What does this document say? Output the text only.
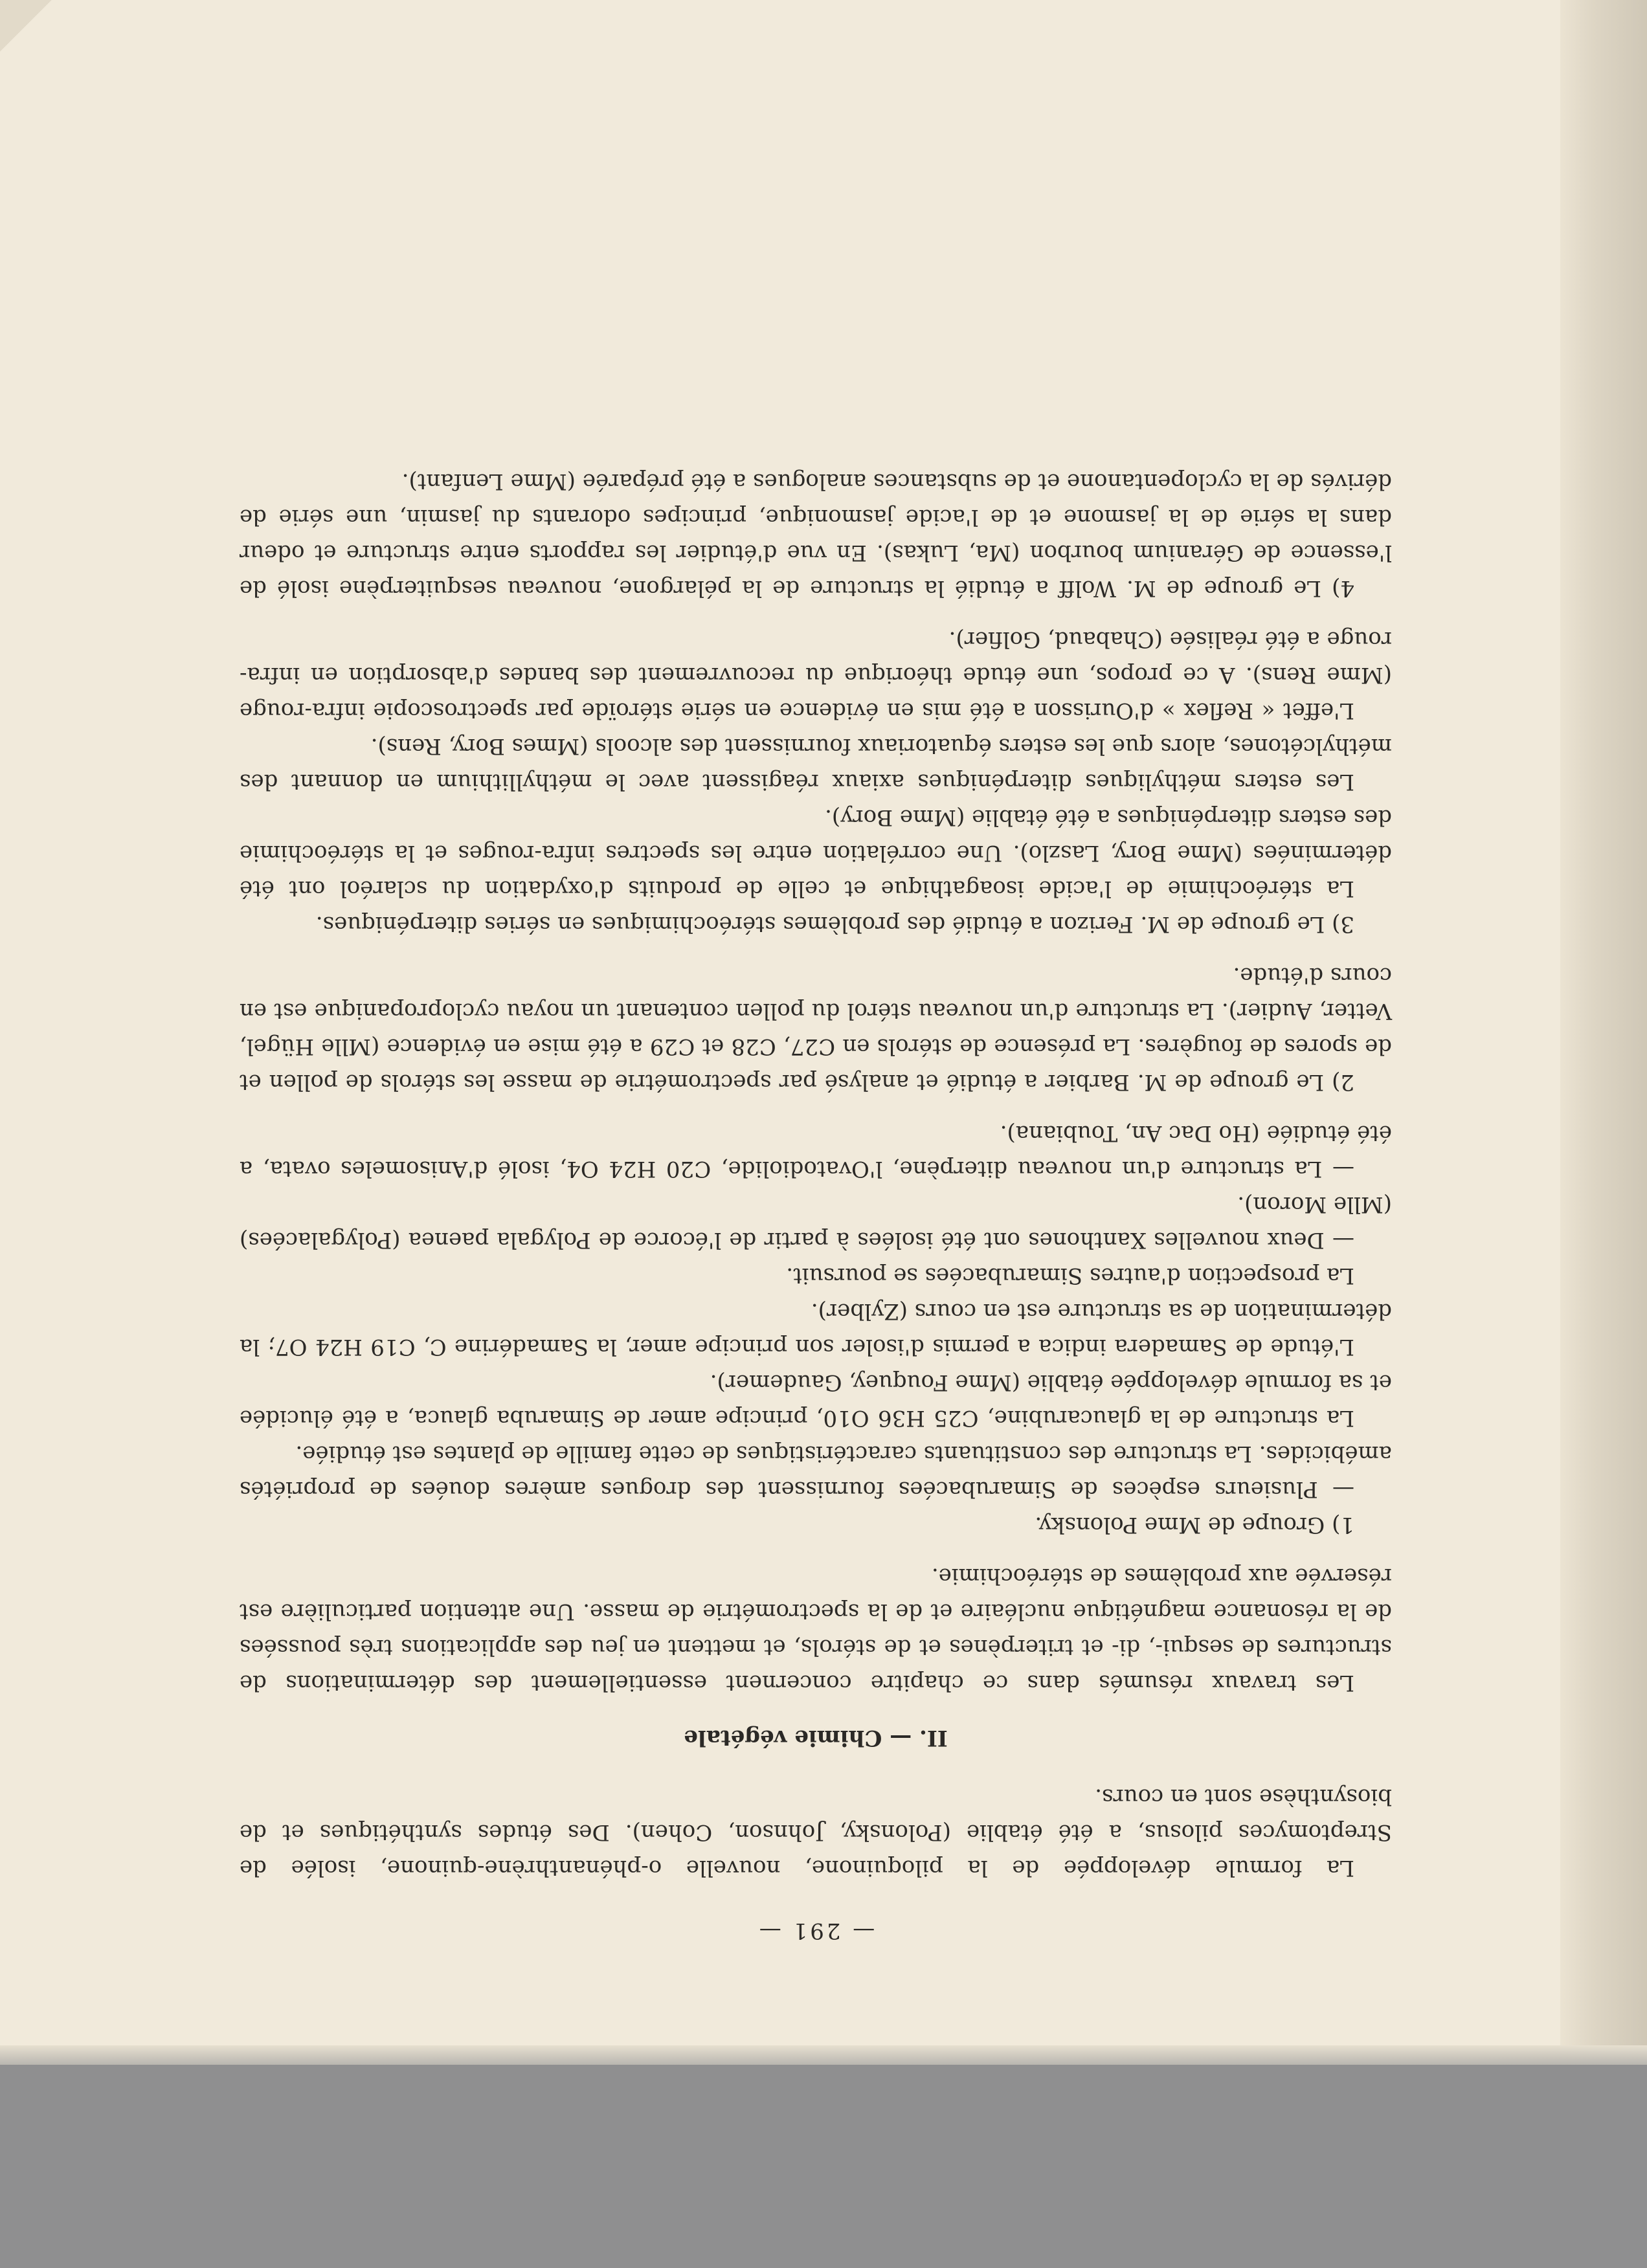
— 291 —

La formule développée de la piloquinone, nouvelle o-phénanthrène-quinone, isolée de Streptomyces pilosus, a été établie (Polonsky, Johnson, Cohen). Des études synthétiques et de biosynthèse sont en cours.

II. — Chimie végétale

Les travaux résumés dans ce chapitre concernent essentiellement des déterminations de structures de sesqui-, di- et triterpènes et de stérols, et mettent en jeu des applications très poussées de la résonance magnétique nucléaire et de la spectrométrie de masse. Une attention particulière est réservée aux problèmes de stéréochimie.

1) Groupe de Mme Polonsky.

— Plusieurs espèces de Simarubacées fournissent des drogues amères douées de propriétés amébicides. La structure des constituants caractéristiques de cette famille de plantes est étudiée.

La structure de la glaucarubine, C25 H36 O10, principe amer de Simaruba glauca, a été élucidée et sa formule développée établie (Mme Fouquey, Gaudemer).

L'étude de Samadera indica a permis d'isoler son principe amer, la Samadérine C, C19 H24 O7; la détermination de sa structure est en cours (Zylber).

La prospection d'autres Simarubacées se poursuit.

— Deux nouvelles Xanthones ont été isolées à partir de l'écorce de Polygala paenea (Polygalacées) (Mlle Moron).

— La structure d'un nouveau diterpène, l'Ovatodiolide, C20 H24 O4, isolé d'Anisomeles ovata, a été étudiée (Ho Dac An, Toubiana).

2) Le groupe de M. Barbier a étudié et analysé par spectrométrie de masse les stérols de pollen et de spores de fougères. La présence de stérols en C27, C28 et C29 a été mise en évidence (Mlle Hügel, Vetter, Audier). La structure d'un nouveau stérol du pollen contenant un noyau cyclopropanique est en cours d'étude.

3) Le groupe de M. Ferizon a étudié des problèmes stéréochimiques en séries diterpéniques.

La stéréochimie de l'acide isoagathique et celle de produits d'oxydation du sclaréol ont été déterminées (Mme Bory, Laszlo). Une corrélation entre les spectres infra-rouges et la stéréochimie des esters diterpéniques a été établie (Mme Bory).

Les esters méthyliques diterpéniques axiaux réagissent avec le méthyllithium en donnant des méthylcétones, alors que les esters équatoriaux fournissent des alcools (Mmes Bory, Rens).

L'effet « Reflex » d'Ourisson a été mis en évidence en série stéroïde par spectroscopie infra-rouge (Mme Rens). A ce propos, une étude théorique du recouvrement des bandes d'absorption en infra-rouge a été réalisée (Chabaud, Golfier).

4) Le groupe de M. Wolff a étudié la structure de la pélargone, nouveau sesquiterpène isolé de l'essence de Géranium bourbon (Ma, Lukas). En vue d'étudier les rapports entre structure et odeur dans la série de la jasmone et de l'acide jasmonique, principes odorants du jasmin, une série de dérivés de la cyclopentanone et de substances analogues a été préparée (Mme Lenfant).
